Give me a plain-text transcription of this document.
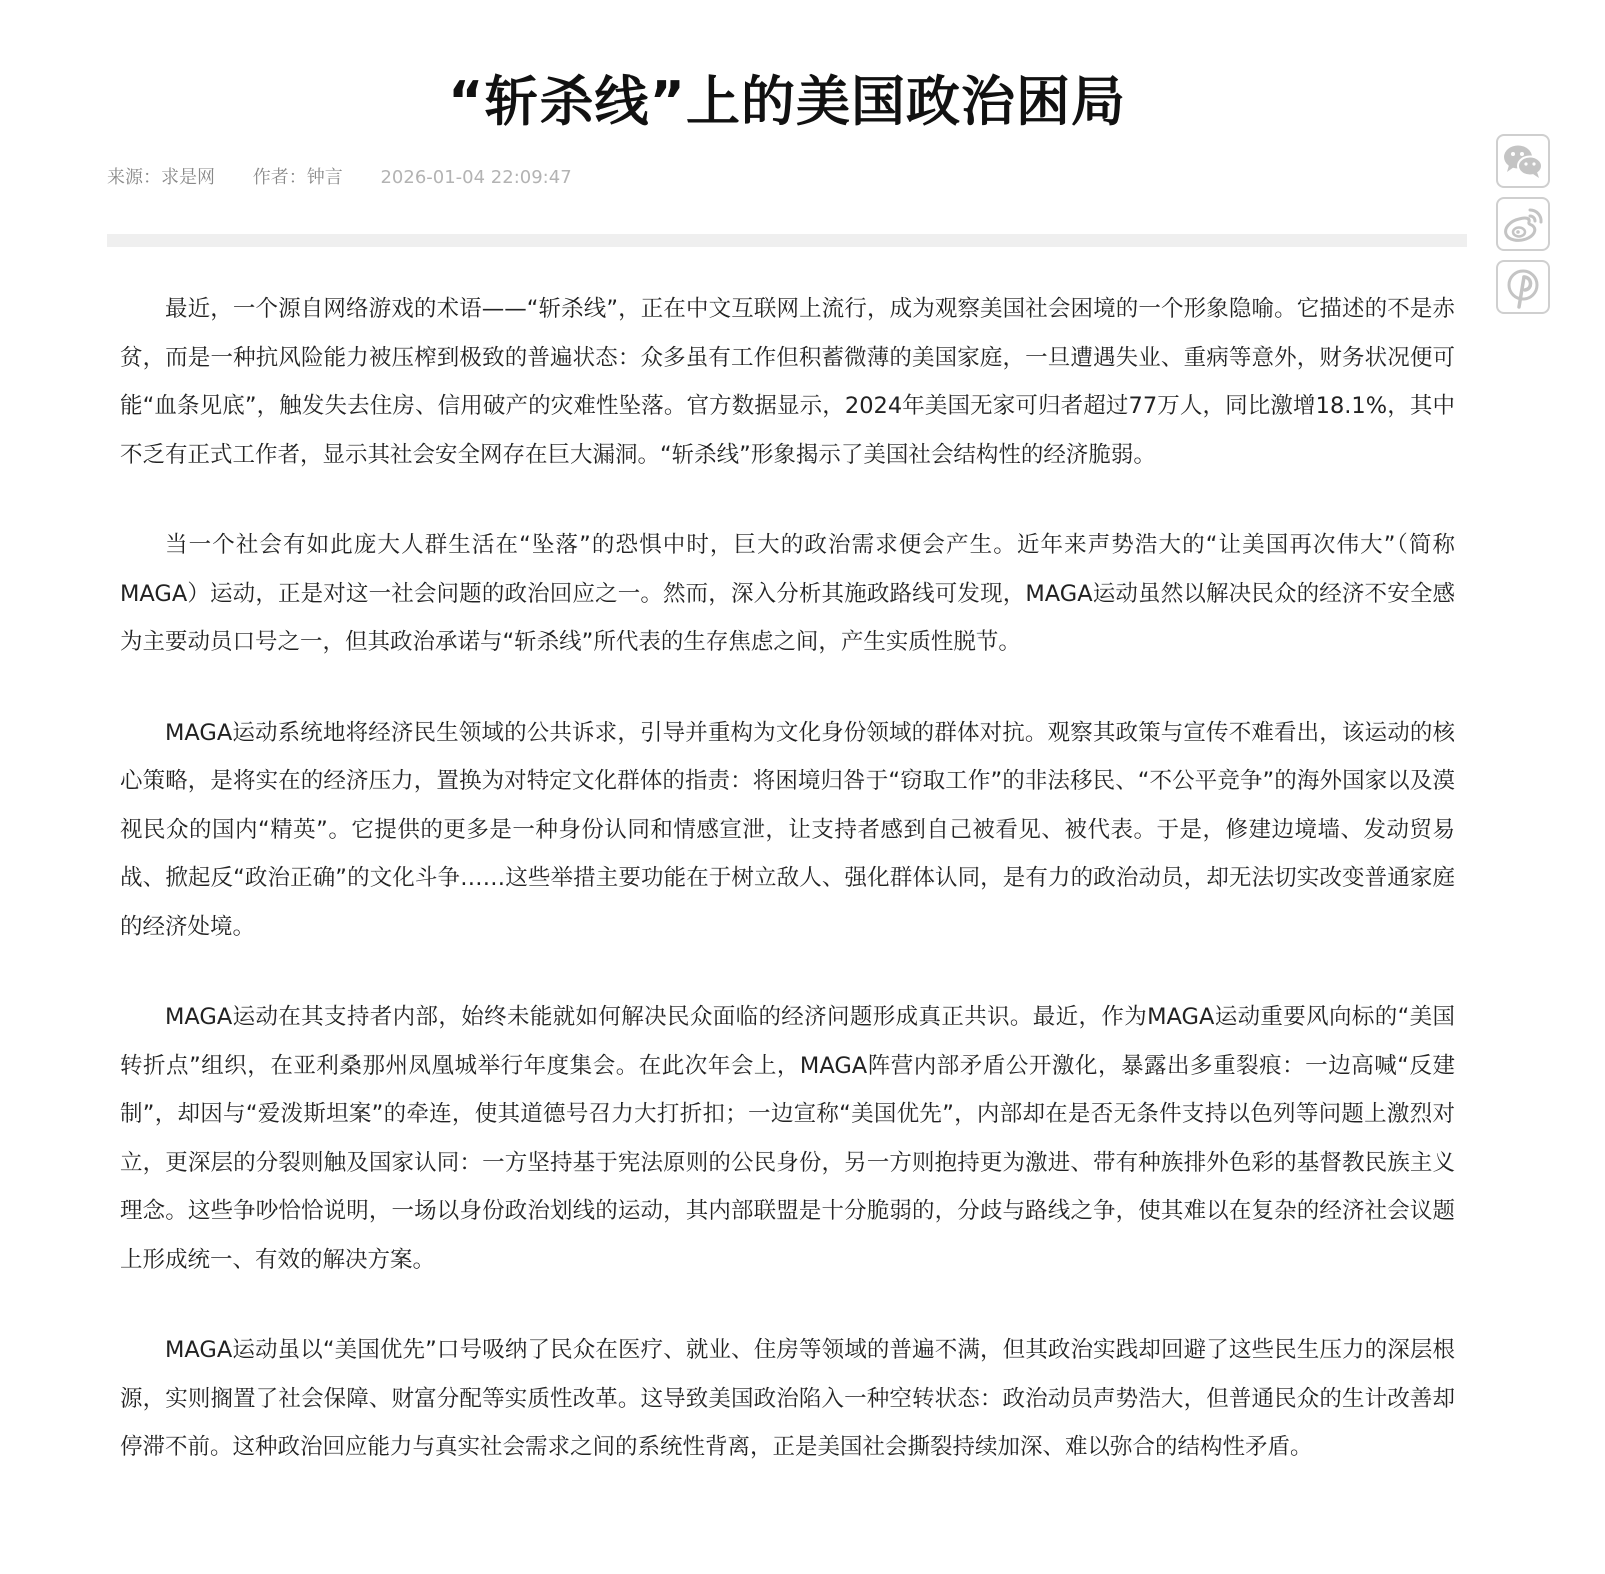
“斩杀线”上的美国政治困局
来源：求是网 作者：钟言 2026-01-04 22:09:47

最近，一个源自网络游戏的术语——“斩杀线”，正在中文互联网上流行，成为观察美国社会困境的一个形象隐喻。它描述的不是赤贫，而是一种抗风险能力被压榨到极致的普遍状态：众多虽有工作但积蓄微薄的美国家庭，一旦遭遇失业、重病等意外，财务状况便可能“血条见底”，触发失去住房、信用破产的灾难性坠落。官方数据显示，2024年美国无家可归者超过77万人，同比激增18.1%，其中不乏有正式工作者，显示其社会安全网存在巨大漏洞。“斩杀线”形象揭示了美国社会结构性的经济脆弱。

当一个社会有如此庞大人群生活在“坠落”的恐惧中时，巨大的政治需求便会产生。近年来声势浩大的“让美国再次伟大”（简称MAGA）运动，正是对这一社会问题的政治回应之一。然而，深入分析其施政路线可发现，MAGA运动虽然以解决民众的经济不安全感为主要动员口号之一，但其政治承诺与“斩杀线”所代表的生存焦虑之间，产生实质性脱节。

MAGA运动系统地将经济民生领域的公共诉求，引导并重构为文化身份领域的群体对抗。观察其政策与宣传不难看出，该运动的核心策略，是将实在的经济压力，置换为对特定文化群体的指责：将困境归咎于“窃取工作”的非法移民、“不公平竞争”的海外国家以及漠视民众的国内“精英”。它提供的更多是一种身份认同和情感宣泄，让支持者感到自己被看见、被代表。于是，修建边境墙、发动贸易战、掀起反“政治正确”的文化斗争……这些举措主要功能在于树立敌人、强化群体认同，是有力的政治动员，却无法切实改变普通家庭的经济处境。

MAGA运动在其支持者内部，始终未能就如何解决民众面临的经济问题形成真正共识。最近，作为MAGA运动重要风向标的“美国转折点”组织，在亚利桑那州凤凰城举行年度集会。在此次年会上，MAGA阵营内部矛盾公开激化，暴露出多重裂痕：一边高喊“反建制”，却因与“爱泼斯坦案”的牵连，使其道德号召力大打折扣；一边宣称“美国优先”，内部却在是否无条件支持以色列等问题上激烈对立，更深层的分裂则触及国家认同：一方坚持基于宪法原则的公民身份，另一方则抱持更为激进、带有种族排外色彩的基督教民族主义理念。这些争吵恰恰说明，一场以身份政治划线的运动，其内部联盟是十分脆弱的，分歧与路线之争，使其难以在复杂的经济社会议题上形成统一、有效的解决方案。

MAGA运动虽以“美国优先”口号吸纳了民众在医疗、就业、住房等领域的普遍不满，但其政治实践却回避了这些民生压力的深层根源，实则搁置了社会保障、财富分配等实质性改革。这导致美国政治陷入一种空转状态：政治动员声势浩大，但普通民众的生计改善却停滞不前。这种政治回应能力与真实社会需求之间的系统性背离，正是美国社会撕裂持续加深、难以弥合的结构性矛盾。
